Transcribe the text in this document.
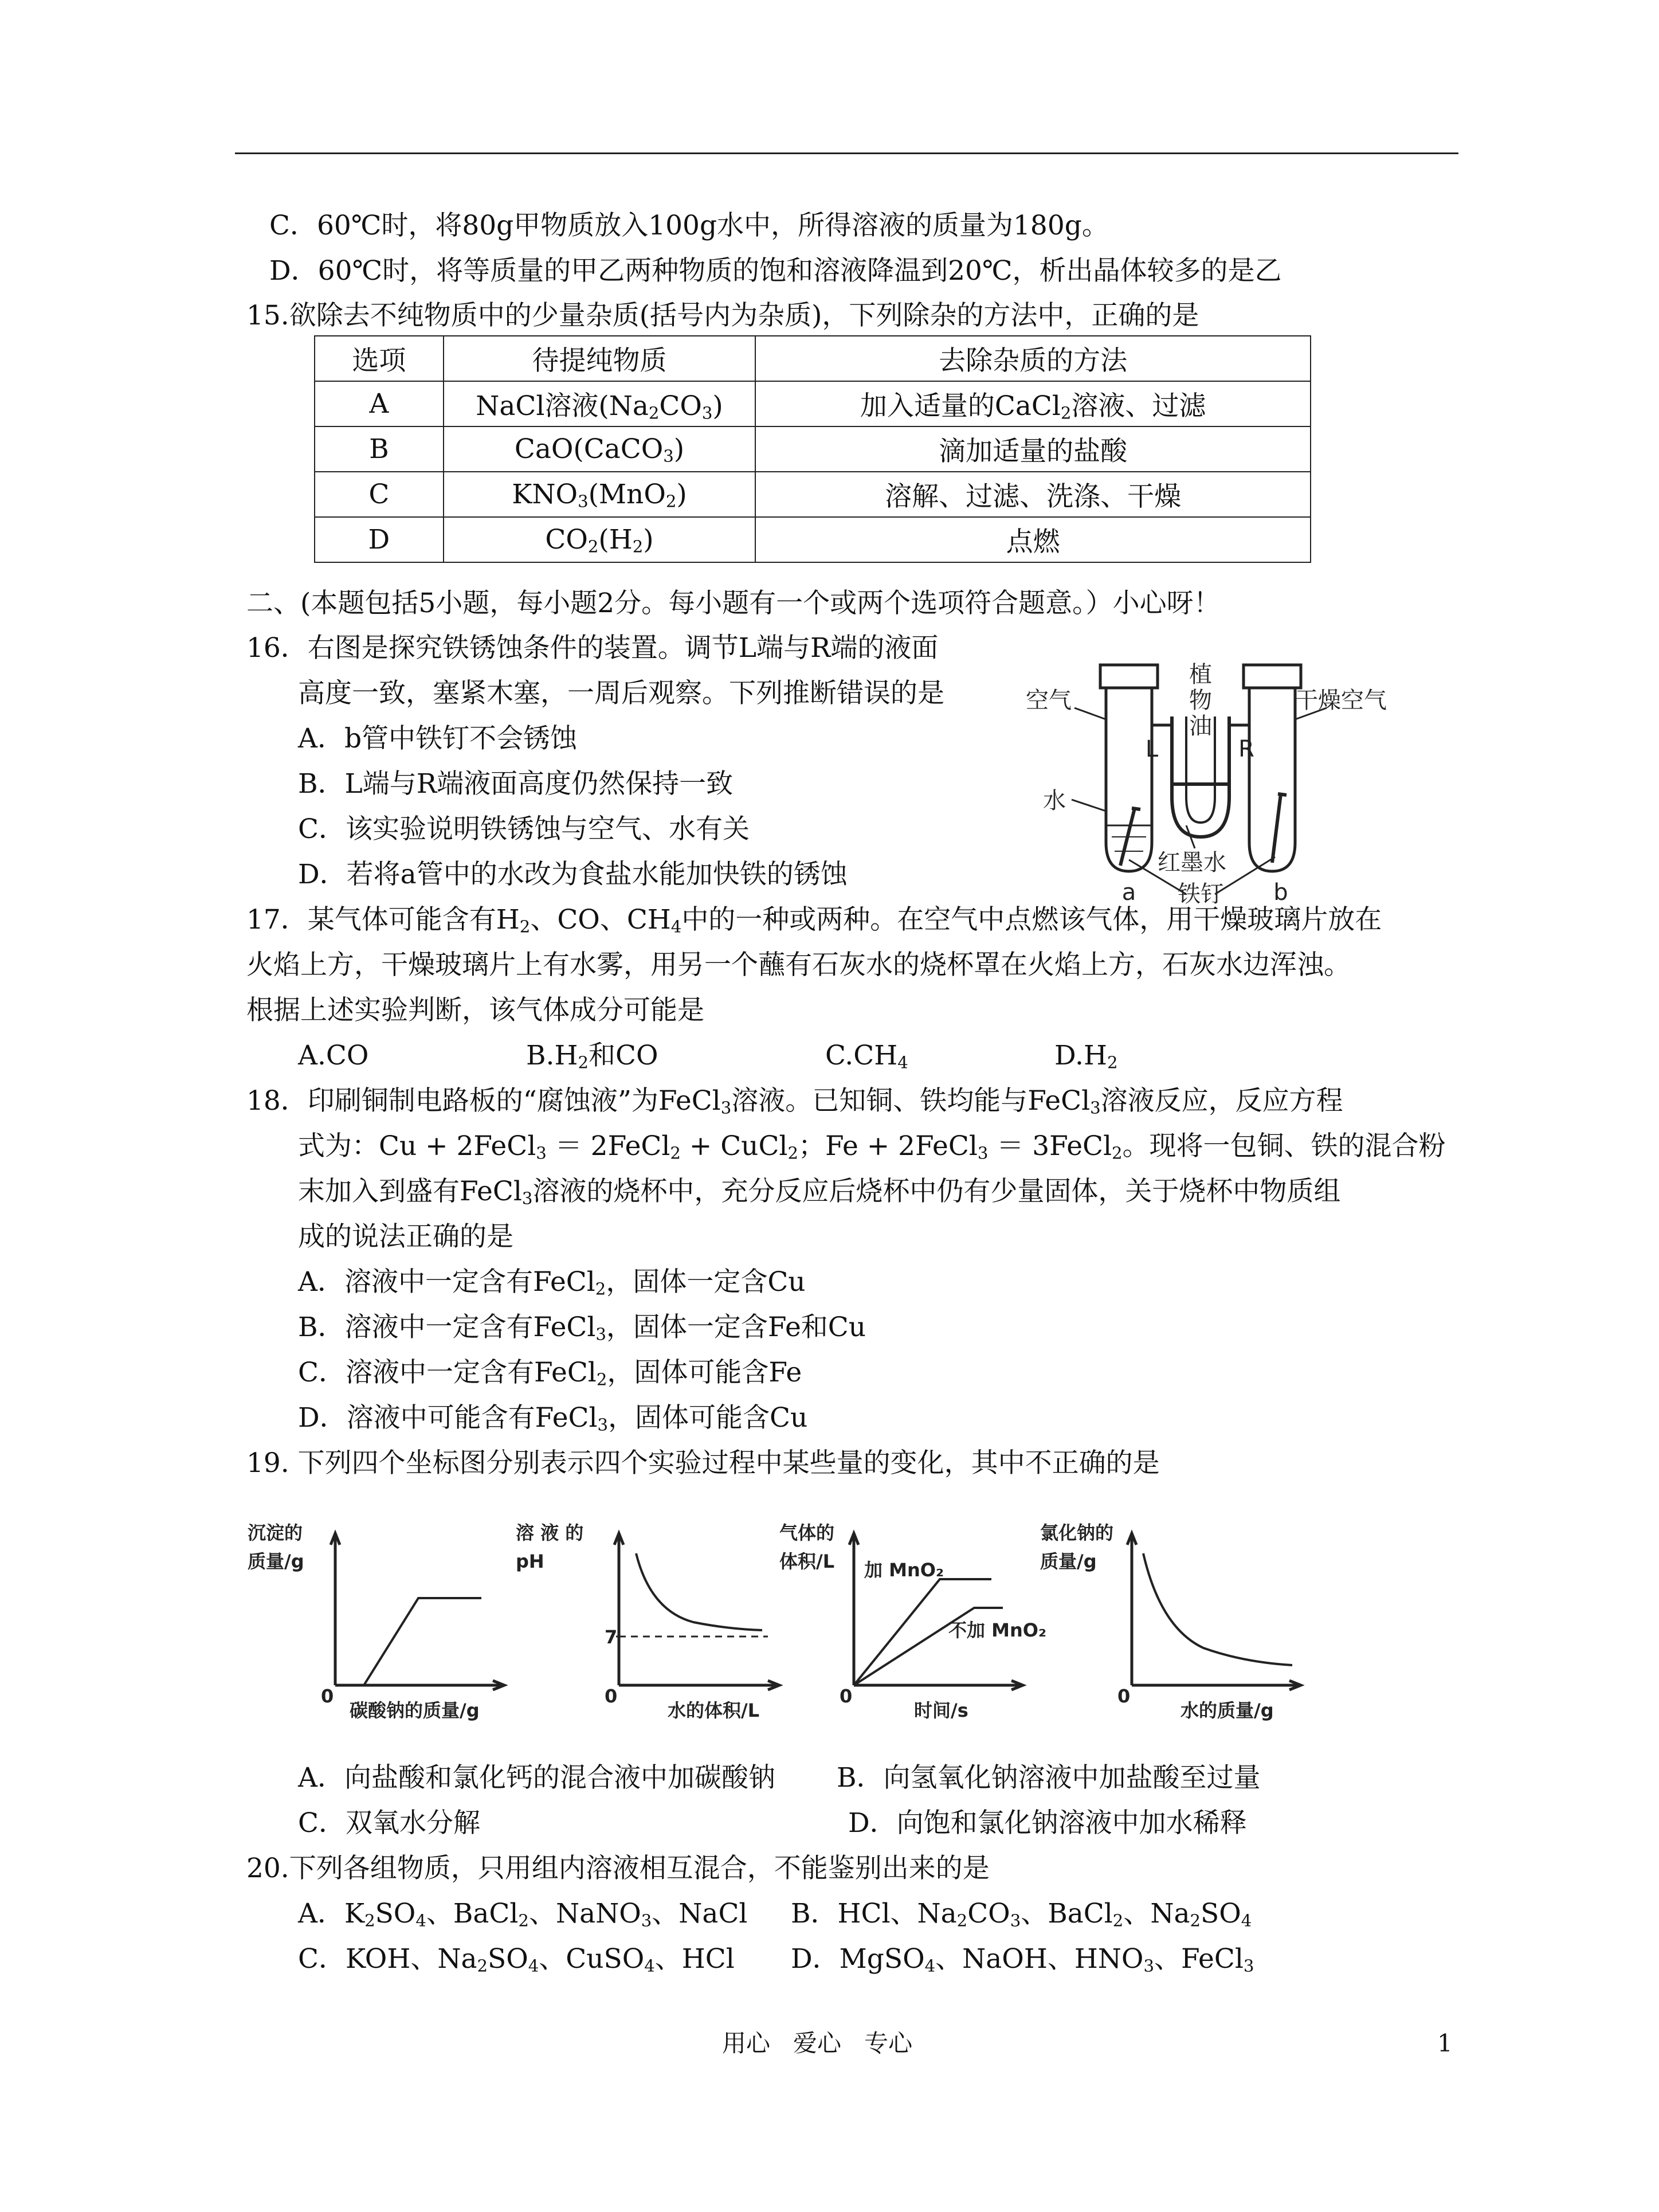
C．60℃时，将80g甲物质放入100g水中，所得溶液的质量为180g。
D．60℃时，将等质量的甲乙两种物质的饱和溶液降温到20℃，析出晶体较多的是乙
15.欲除去不纯物质中的少量杂质(括号内为杂质)，下列除杂的方法中，正确的是
选项	待提纯物质	去除杂质的方法
A	NaCl溶液$(Na_2CO_3)$	加入适量的CaCl$_2$溶液、过滤
B	CaO(CaCO$_3$)	滴加适量的盐酸
C	$KNO_3(MnO_2)$	溶解、过滤、洗涤、干燥
D	$CO_2(H_2)$	点燃
二、(本题包括5小题，每小题2分。每小题有一个或两个选项符合题意。）小心呀！
16．右图是探究铁锈蚀条件的装置。调节L端与R端的液面
高度一致，塞紧木塞，一周后观察。下列推断错误的是
A．b管中铁钉不会锈蚀
B．L端与R端液面高度仍然保持一致
C．该实验说明铁锈蚀与空气、水有关
D．若将a管中的水改为食盐水能加快铁的锈蚀
植
物
油
L	R
空气	干燥空气
水
红墨水
a 铁钉 b
17．某气体可能含有$H_2$、CO、$CH_4$中的一种或两种。在空气中点燃该气体，用干燥玻璃片放在
火焰上方，干燥玻璃片上有水雾，用另一个蘸有石灰水的烧杯罩在火焰上方，石灰水边浑浊。
根据上述实验判断，该气体成分可能是
A.CO	$B.H_2$和CO	$C.CH_4$	$D.H_2$
18．印刷铜制电路板的“腐蚀液”为FeCl$_3$溶液。已知铜、铁均能与FeCl$_3$溶液反应，反应方程
式为：Cu + 2FeCl$_3$ ＝ 2FeCl$_2$ + CuCl$_2$；Fe + 2FeCl$_3$ ＝ 3FeCl$_2$。现将一包铜、铁的混合粉
末加入到盛有FeCl$_3$溶液的烧杯中，充分反应后烧杯中仍有少量固体，关于烧杯中物质组
成的说法正确的是
A．溶液中一定含有FeCl$_2$，固体一定含Cu
B．溶液中一定含有FeCl$_3$，固体一定含Fe和Cu
C．溶液中一定含有FeCl$_2$，固体可能含Fe
D．溶液中可能含有FeCl$_3$，固体可能含Cu
19. 下列四个坐标图分别表示四个实验过程中某些量的变化，其中不正确的是
沉淀的
质量/g
0
碳酸钠的质量/g
溶 液 的
pH
7
0
水的体积/L
气体的
体积/L 加 MnO₂
不加 MnO₂
0
时间/s
氯化钠的
质量/g
0
水的质量/g
A．向盐酸和氯化钙的混合液中加碳酸钠 B．向氢氧化钠溶液中加盐酸至过量
C．双氧水分解	D．向饱和氯化钠溶液中加水稀释
20.下列各组物质，只用组内溶液相互混合，不能鉴别出来的是
A．$K_2SO_4$、BaCl$_2$、NaNO$_3$、NaCl B．HCl、$Na_2CO_3$、BaCl$_2$、$Na_2SO_4$
C．KOH、$Na_2SO_4$、CuSO$_4$、HCl D．MgSO$_4$、NaOH、$HNO_3$、FeCl$_3$
用心   爱心   专心	1
